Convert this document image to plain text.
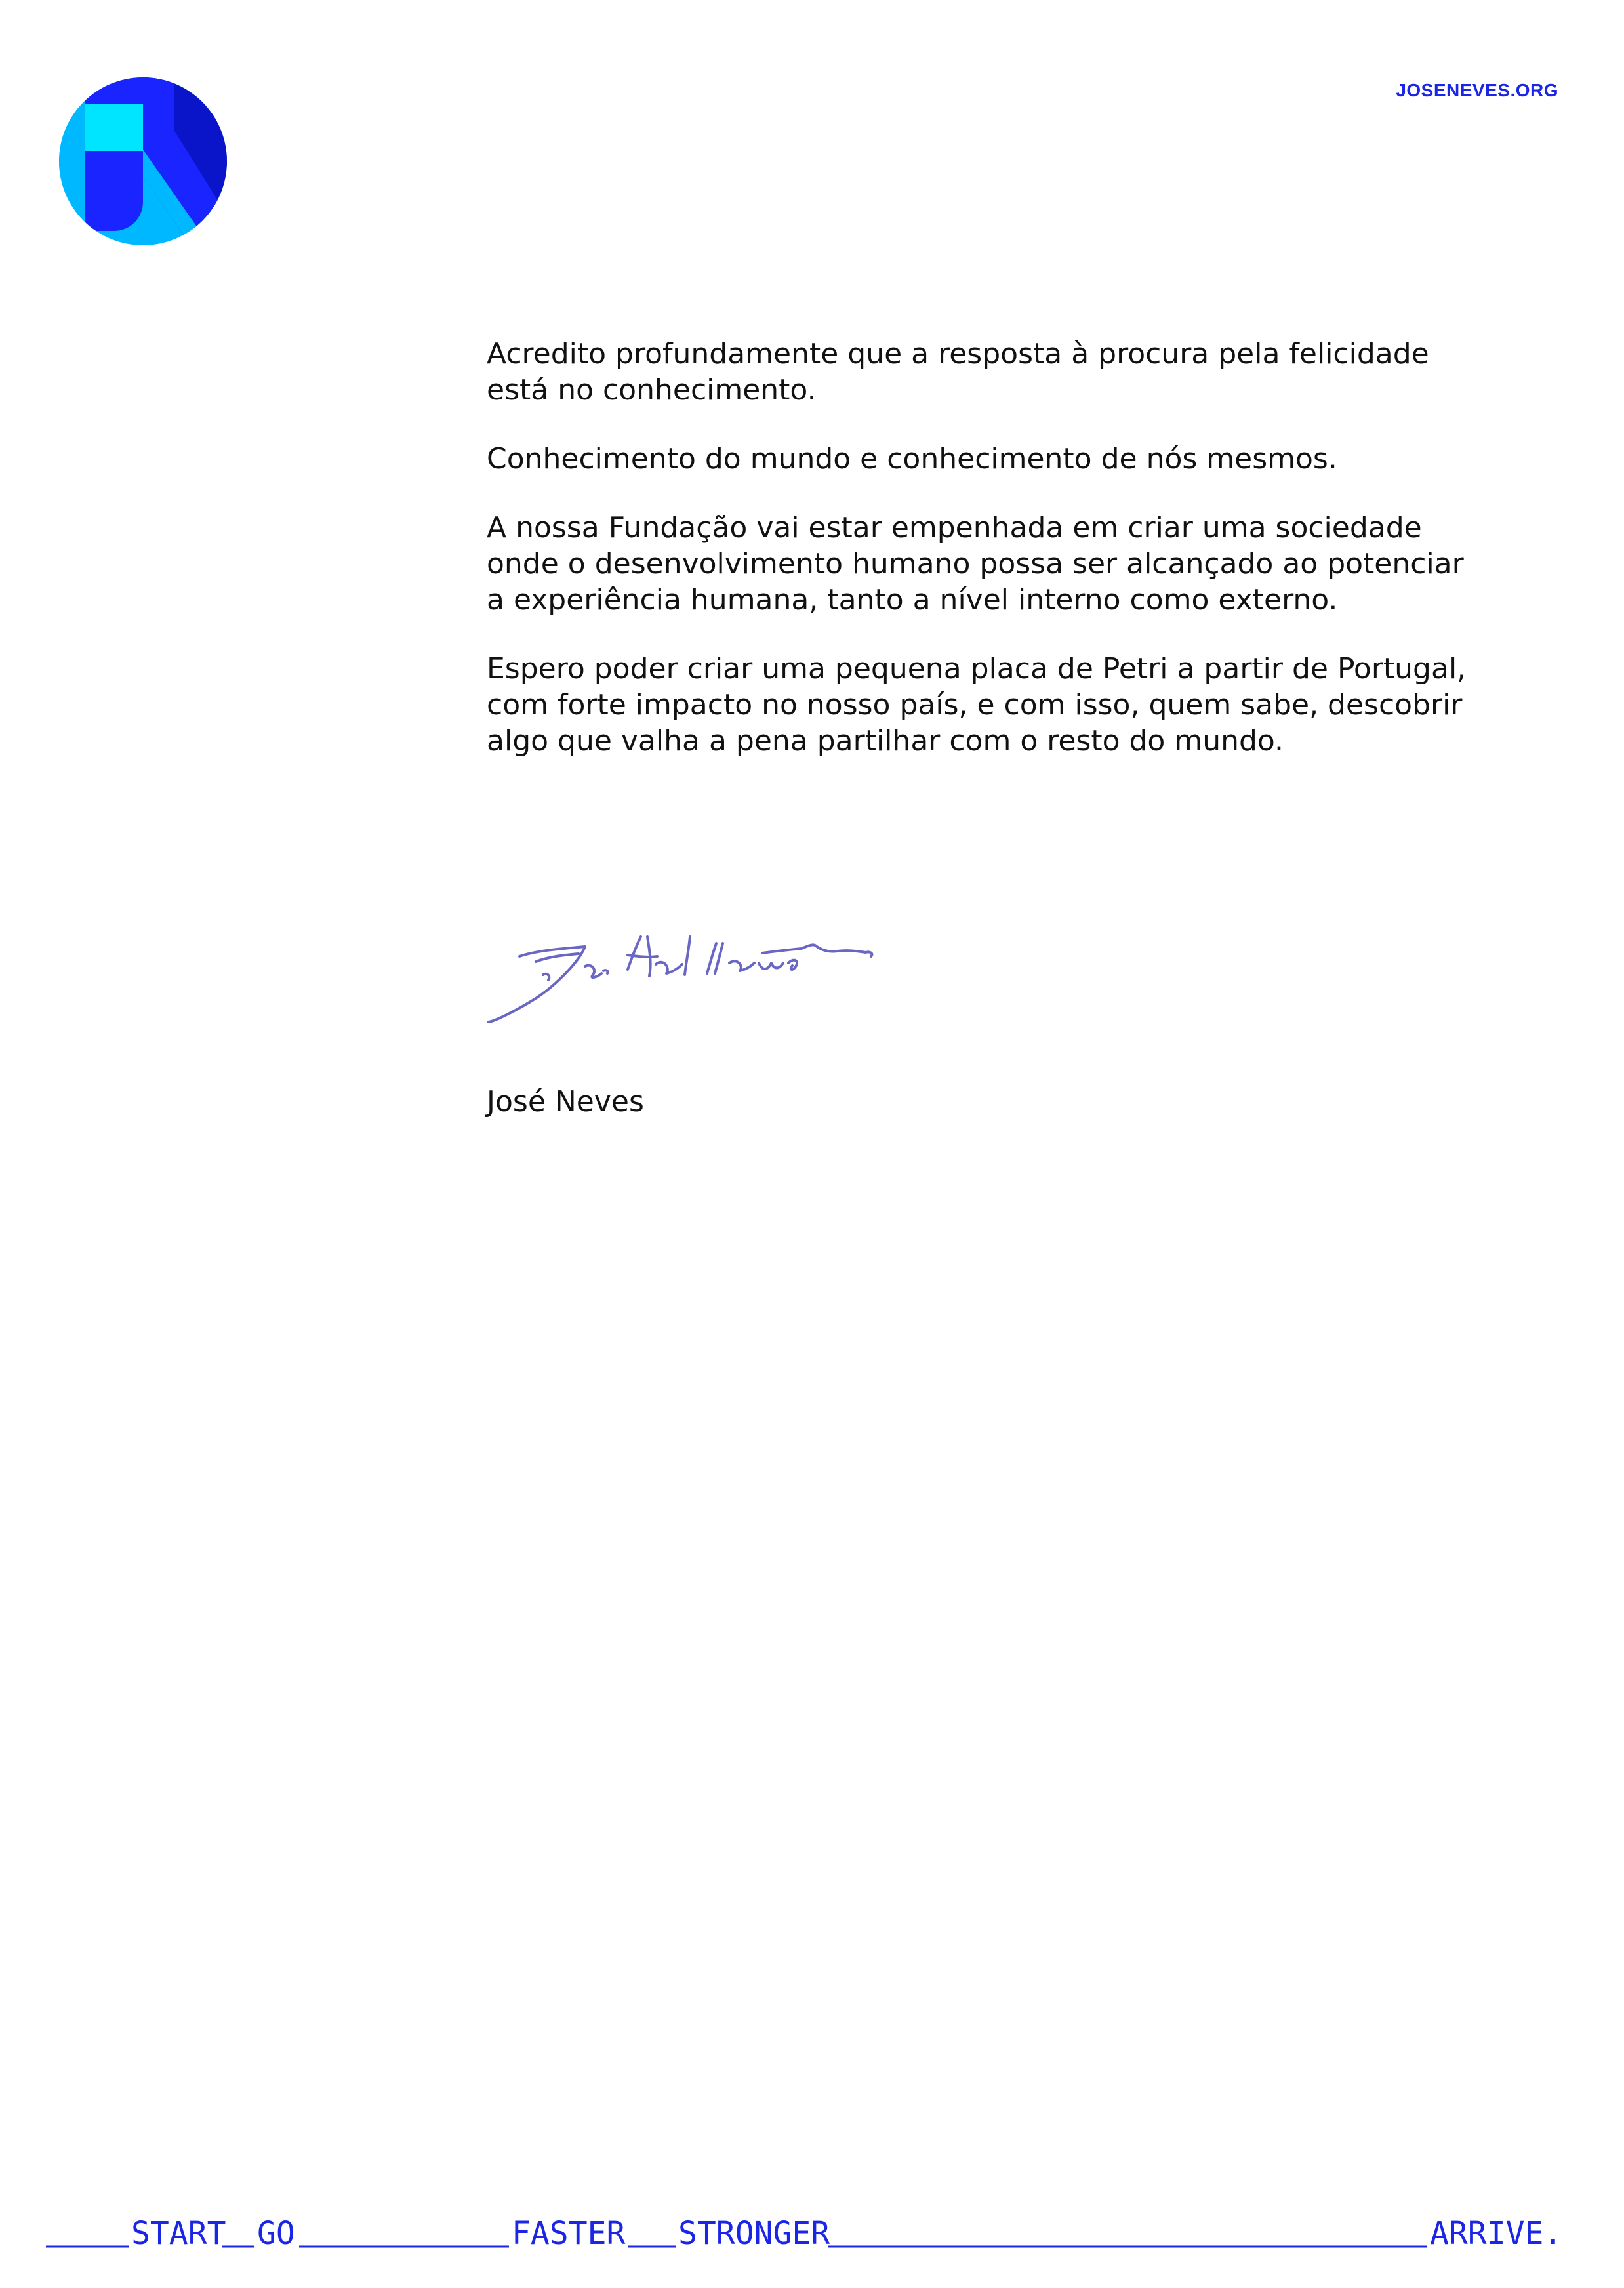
JOSENEVES.ORG

Acredito profundamente que a resposta à procura pela felicidade
está no conhecimento.

Conhecimento do mundo e conhecimento de nós mesmos.

A nossa Fundação vai estar empenhada em criar uma sociedade
onde o desenvolvimento humano possa ser alcançado ao potenciar
a experiência humana, tanto a nível interno como externo.

Espero poder criar uma pequena placa de Petri a partir de Portugal,
com forte impacto no nosso país, e com isso, quem sabe, descobrir
algo que valha a pena partilhar com o resto do mundo.

José Neves
START GO	FASTER STRONGER	ARRIVE.
